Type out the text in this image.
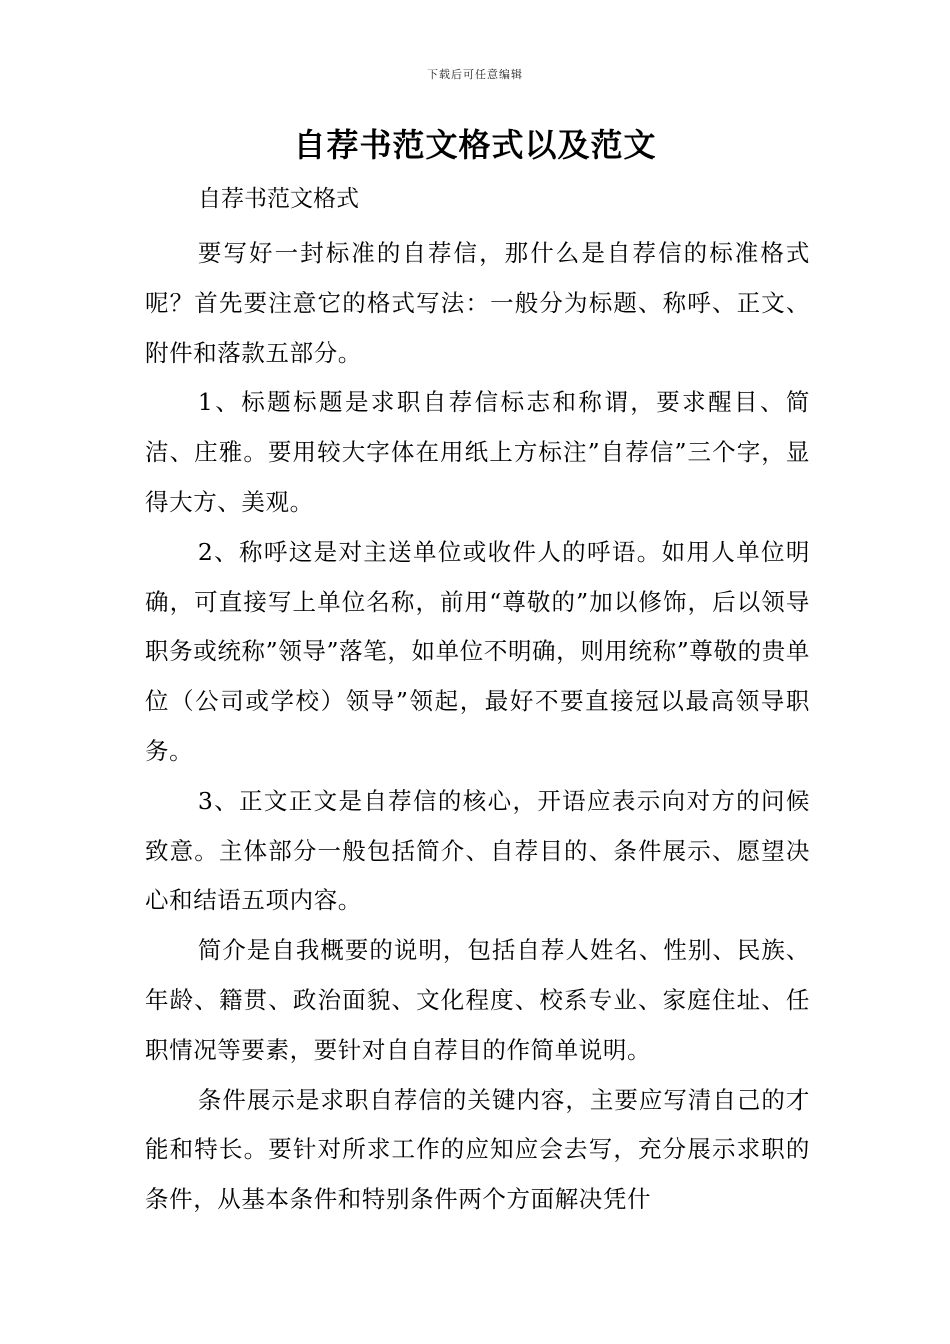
下载后可任意编辑
自荐书范文格式以及范文
自荐书范文格式

要写好一封标准的自荐信，那什么是自荐信的标准格式呢？首先要注意它的格式写法：一般分为标题、称呼、正文、附件和落款五部分。

1、标题标题是求职自荐信标志和称谓，要求醒目、简洁、庄雅。要用较大字体在用纸上方标注”自荐信”三个字，显得大方、美观。

2、称呼这是对主送单位或收件人的呼语。如用人单位明确，可直接写上单位名称，前用“尊敬的”加以修饰，后以领导职务或统称”领导”落笔，如单位不明确，则用统称”尊敬的贵单位（公司或学校）领导”领起，最好不要直接冠以最高领导职务。

3、正文正文是自荐信的核心，开语应表示向对方的问候致意。主体部分一般包括简介、自荐目的、条件展示、愿望决心和结语五项内容。

简介是自我概要的说明，包括自荐人姓名、性别、民族、年龄、籍贯、政治面貌、文化程度、校系专业、家庭住址、任职情况等要素，要针对自自荐目的作简单说明。

条件展示是求职自荐信的关键内容，主要应写清自己的才能和特长。要针对所求工作的应知应会去写，充分展示求职的条件，从基本条件和特别条件两个方面解决凭什
